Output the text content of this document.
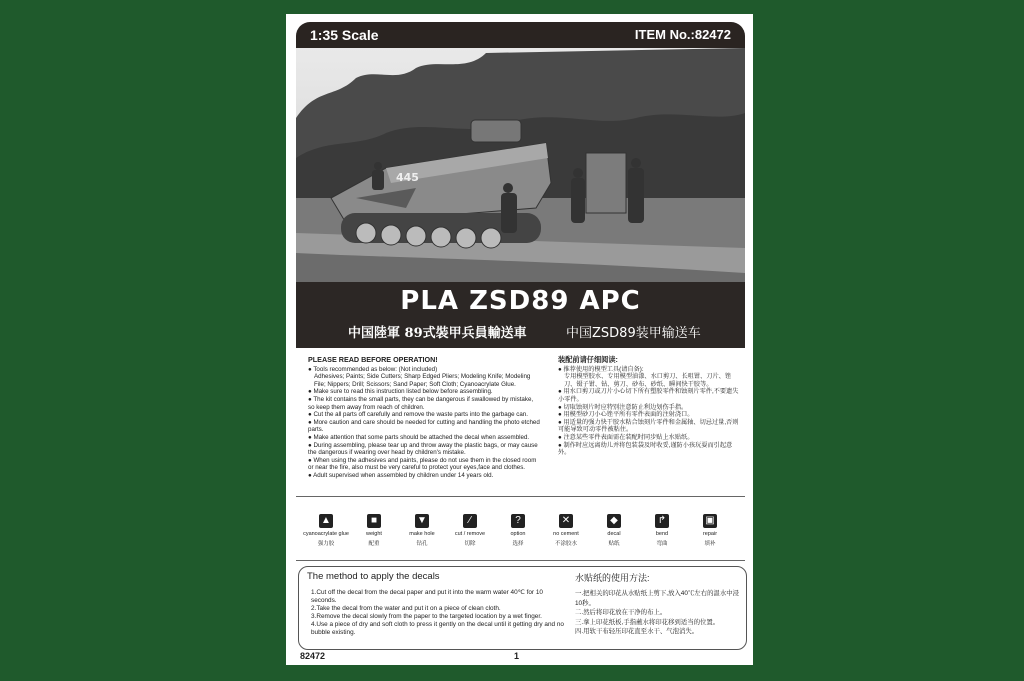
1:35 Scale	ITEM No.:82472
445
PLA ZSD89 APC
中国陸軍 89式裝甲兵員輸送車	中国ZSD89装甲输送车
PLEASE READ BEFORE OPERATION!
● Tools recommended as below: (Not included)
Adhesives; Paints; Side Cutters; Sharp Edged Pliers; Modeling Knife; Modeling File; Nippers; Drill; Scissors; Sand Paper; Soft Cloth; Cyanoacrylate Glue.
● Make sure to read this instruction listed below before assembling.
● The kit contains the small parts, they can be dangerous if swallowed by mistake, so keep them away from reach of children.
● Cut the all parts off carefully and remove the waste parts into the garbage can.
● More caution and care should be needed for cutting and handling the photo etched parts.
● Make attention that some parts should be attached the decal when assembled.
● During assembling, please tear up and throw away the plastic bags, or may cause the dangerous if wearing over head by children's mistake.
● When using the adhesives and paints, please do not use them in the closed room or near the fire, also must be very careful to protect your eyes,face and clothes.
● Adult supervised when assembled by children under 14 years old.
装配前请仔细阅读:
● 推荐使用的模型工具(请自备):
专用模型胶水、专用模型油漆、水口剪刀、长咀钳、刀片、锉刀、镊子钳、钻、剪刀、砂布、砂纸、瞬间快干胶等。
● 用水口剪刀或刀片小心切下所有塑胶零件和蚀刻片零件,不要遗失小零件。
● 切取蚀刻片时应特别注意防止利边划伤手指。
● 用模型砂刀小心锉平所有零件表面的注射浇口。
● 用适量的强力快干胶水粘合蚀刻片零件和金属轴、切忌过量,否则可能导致可动零件被粘住。
● 注意某些零件表面需在装配时同步贴上水贴纸。
● 制作时应远离幼儿并将包装袋及时收妥,谨防小孩玩耍而引起意外。
▲
cyanoacrylate glue
强力胶
■
weight
配重
▼
make hole
钻孔
∕
cut / remove
切除
?
option
选择
✕
no cement
不涂胶水
◆
decal
贴纸
↱
bend
弯曲
▣
repair
填补
The method to apply the decals	水贴纸的使用方法:
1.Cut off the decal from the decal paper and put it into the warm water 40℃ for 10 seconds.
2.Take the decal from the water and put it on a piece of clean cloth.
3.Remove the decal slowly from the paper to the targeted location by a wet finger.
4.Use a piece of dry and soft cloth to press it gently on the decal until it getting dry and no bubble existing.
一.把相关的印花从水贴纸上剪下,放入40℃左右的温水中浸10秒。
二.然后将印花放在干净的布上。
三.拿上印花纸板,手指蘸水将印花移到适当的位置。
四.用软干布轻压印花直至水干、气泡消失。
82472	1
